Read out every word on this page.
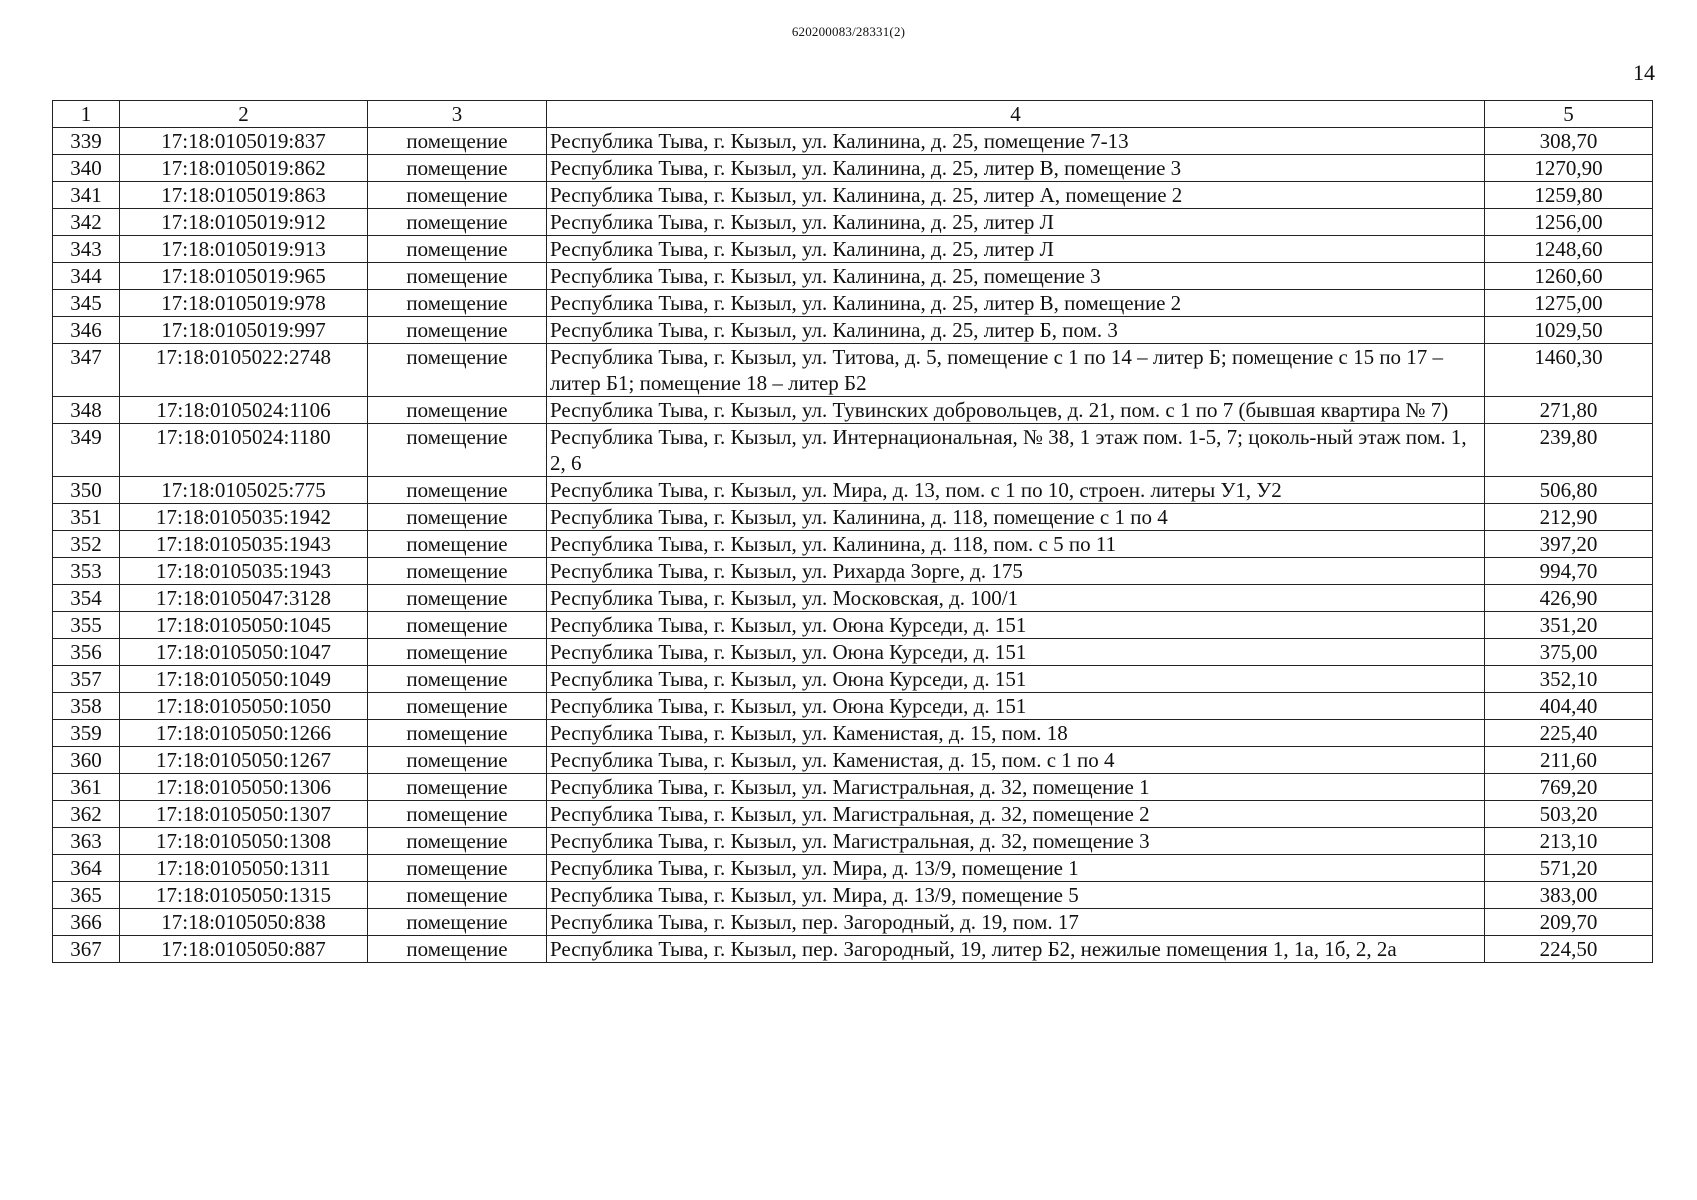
620200083/28331(2)
14
1	2	3	4	5
339	17:18:0105019:837	помещение	Республика Тыва, г. Кызыл, ул. Калинина, д. 25, помещение 7-13	308,70
340	17:18:0105019:862	помещение	Республика Тыва, г. Кызыл, ул. Калинина, д. 25, литер В, помещение 3	1270,90
341	17:18:0105019:863	помещение	Республика Тыва, г. Кызыл, ул. Калинина, д. 25, литер А, помещение 2	1259,80
342	17:18:0105019:912	помещение	Республика Тыва, г. Кызыл, ул. Калинина, д. 25, литер Л	1256,00
343	17:18:0105019:913	помещение	Республика Тыва, г. Кызыл, ул. Калинина, д. 25, литер Л	1248,60
344	17:18:0105019:965	помещение	Республика Тыва, г. Кызыл, ул. Калинина, д. 25, помещение 3	1260,60
345	17:18:0105019:978	помещение	Республика Тыва, г. Кызыл, ул. Калинина, д. 25, литер В, помещение 2	1275,00
346	17:18:0105019:997	помещение	Республика Тыва, г. Кызыл, ул. Калинина, д. 25, литер Б, пом. 3	1029,50
347	17:18:0105022:2748	помещение	Республика Тыва, г. Кызыл, ул. Титова, д. 5, помещение с 1 по 14 – литер Б; помещение с 15 по 17 – литер Б1; помещение 18 – литер Б2	1460,30
348	17:18:0105024:1106	помещение	Республика Тыва, г. Кызыл, ул. Тувинских добровольцев, д. 21, пом. с 1 по 7 (бывшая квартира № 7)	271,80
349	17:18:0105024:1180	помещение	Республика Тыва, г. Кызыл, ул. Интернациональная, № 38, 1 этаж пом. 1-5, 7; цоколь-ный этаж пом. 1, 2, 6	239,80
350	17:18:0105025:775	помещение	Республика Тыва, г. Кызыл, ул. Мира, д. 13, пом. с 1 по 10, строен. литеры У1, У2	506,80
351	17:18:0105035:1942	помещение	Республика Тыва, г. Кызыл, ул. Калинина, д. 118, помещение с 1 по 4	212,90
352	17:18:0105035:1943	помещение	Республика Тыва, г. Кызыл, ул. Калинина, д. 118, пом. с 5 по 11	397,20
353	17:18:0105035:1943	помещение	Республика Тыва, г. Кызыл, ул. Рихарда Зорге, д. 175	994,70
354	17:18:0105047:3128	помещение	Республика Тыва, г. Кызыл, ул. Московская, д. 100/1	426,90
355	17:18:0105050:1045	помещение	Республика Тыва, г. Кызыл, ул. Оюна Курседи, д. 151	351,20
356	17:18:0105050:1047	помещение	Республика Тыва, г. Кызыл, ул. Оюна Курседи, д. 151	375,00
357	17:18:0105050:1049	помещение	Республика Тыва, г. Кызыл, ул. Оюна Курседи, д. 151	352,10
358	17:18:0105050:1050	помещение	Республика Тыва, г. Кызыл, ул. Оюна Курседи, д. 151	404,40
359	17:18:0105050:1266	помещение	Республика Тыва, г. Кызыл, ул. Каменистая, д. 15, пом. 18	225,40
360	17:18:0105050:1267	помещение	Республика Тыва, г. Кызыл, ул. Каменистая, д. 15, пом. с 1 по 4	211,60
361	17:18:0105050:1306	помещение	Республика Тыва, г. Кызыл, ул. Магистральная, д. 32, помещение 1	769,20
362	17:18:0105050:1307	помещение	Республика Тыва, г. Кызыл, ул. Магистральная, д. 32, помещение 2	503,20
363	17:18:0105050:1308	помещение	Республика Тыва, г. Кызыл, ул. Магистральная, д. 32, помещение 3	213,10
364	17:18:0105050:1311	помещение	Республика Тыва, г. Кызыл, ул. Мира, д. 13/9, помещение 1	571,20
365	17:18:0105050:1315	помещение	Республика Тыва, г. Кызыл, ул. Мира, д. 13/9, помещение 5	383,00
366	17:18:0105050:838	помещение	Республика Тыва, г. Кызыл, пер. Загородный, д. 19, пом. 17	209,70
367	17:18:0105050:887	помещение	Республика Тыва, г. Кызыл, пер. Загородный, 19, литер Б2, нежилые помещения 1, 1а, 1б, 2, 2а	224,50
